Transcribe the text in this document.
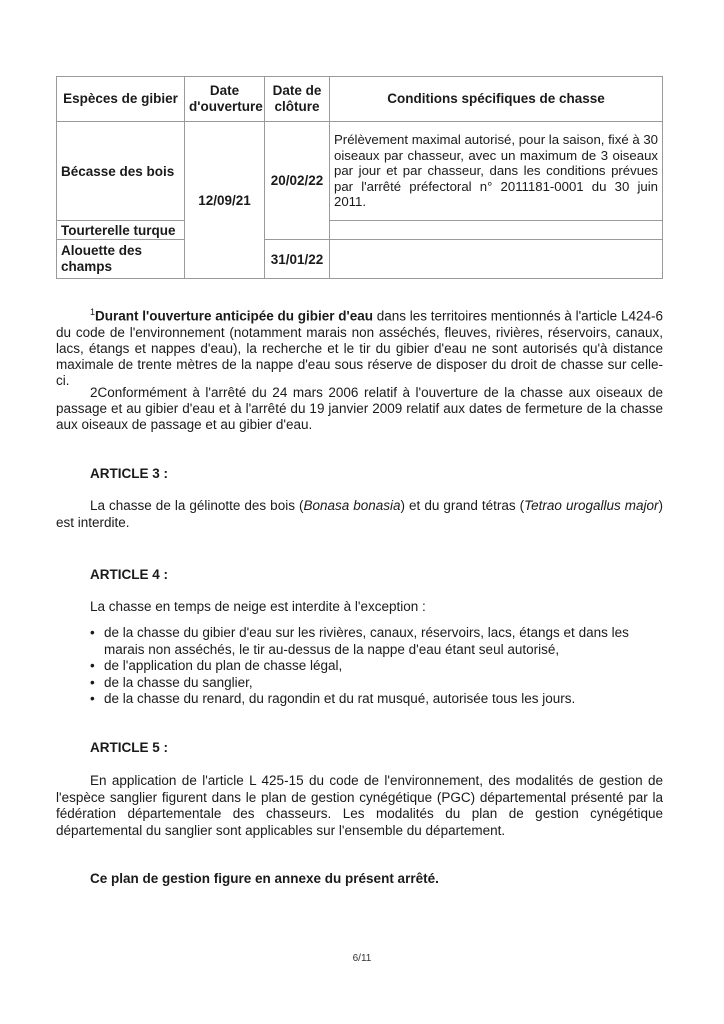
Espèces de gibier	Date d'ouverture	Date de clôture	Conditions spécifiques de chasse
Bécasse des bois	12/09/21	20/02/22	Prélèvement maximal autorisé, pour la saison, fixé à 30 oiseaux par chasseur, avec un maximum de 3 oiseaux par jour et par chasseur, dans les conditions prévues par l'arrêté préfectoral n° 2011181-0001 du 30 juin 2011.
Tourterelle turque			
Alouette des champs		31/01/22	
$^1$Durant l'ouverture anticipée du gibier d'eau dans les territoires mentionnés à l'article L424-6 du code de l'environnement (notamment marais non asséchés, fleuves, rivières, réservoirs, canaux, lacs, étangs et nappes d'eau), la recherche et le tir du gibier d'eau ne sont autorisés qu'à distance maximale de trente mètres de la nappe d'eau sous réserve de disposer du droit de chasse sur celle-ci.
2Conformément à l'arrêté du 24 mars 2006 relatif à l'ouverture de la chasse aux oiseaux de passage et au gibier d'eau et à l'arrêté du 19 janvier 2009 relatif aux dates de fermeture de la chasse aux oiseaux de passage et au gibier d'eau.
ARTICLE 3 :
La chasse de la gélinotte des bois (Bonasa bonasia) et du grand tétras (Tetrao urogallus major) est interdite.
ARTICLE 4 :
La chasse en temps de neige est interdite à l'exception :
• de la chasse du gibier d'eau sur les rivières, canaux, réservoirs, lacs, étangs et dans les marais non asséchés, le tir au-dessus de la nappe d'eau étant seul autorisé,
• de l'application du plan de chasse légal,
• de la chasse du sanglier,
• de la chasse du renard, du ragondin et du rat musqué, autorisée tous les jours.
ARTICLE 5 :
En application de l'article L 425-15 du code de l'environnement, des modalités de gestion de l'espèce sanglier figurent dans le plan de gestion cynégétique (PGC) départemental présenté par la fédération départementale des chasseurs. Les modalités du plan de gestion cynégétique départemental du sanglier sont applicables sur l'ensemble du département.
Ce plan de gestion figure en annexe du présent arrêté.
6/11
